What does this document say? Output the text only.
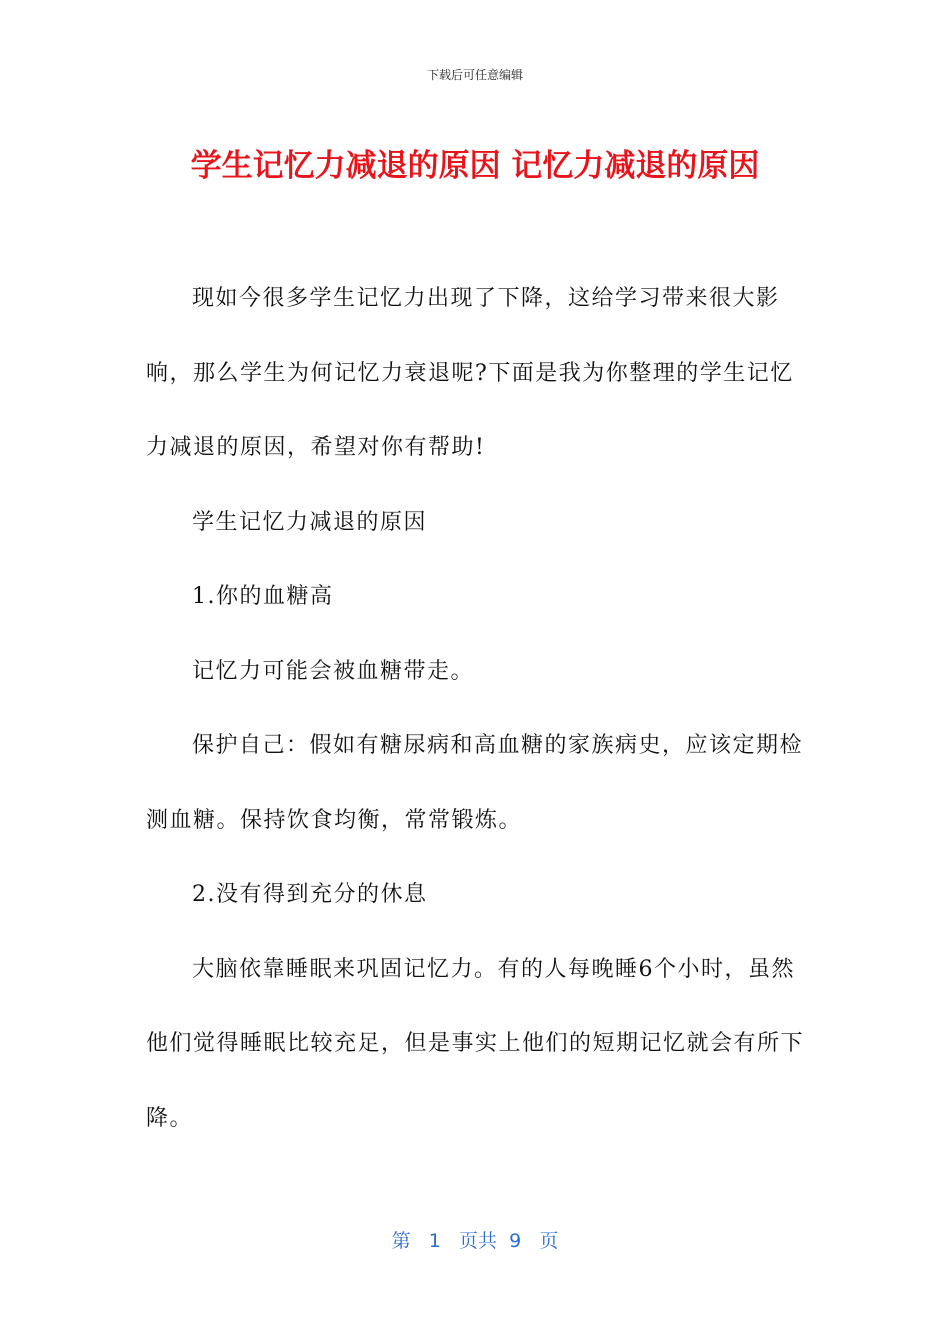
下载后可任意编辑
学生记忆力减退的原因 记忆力减退的原因

现如今很多学生记忆力出现了下降，这给学习带来很大影响，那么学生为何记忆力衰退呢?下面是我为你整理的学生记忆力减退的原因，希望对你有帮助!

学生记忆力减退的原因

1.你的血糖高

记忆力可能会被血糖带走。

保护自己：假如有糖尿病和高血糖的家族病史，应该定期检测血糖。保持饮食均衡，常常锻炼。

2.没有得到充分的休息

大脑依靠睡眠来巩固记忆力。有的人每晚睡6个小时，虽然他们觉得睡眠比较充足，但是事实上他们的短期记忆就会有所下降。

第 1 页共 9 页
